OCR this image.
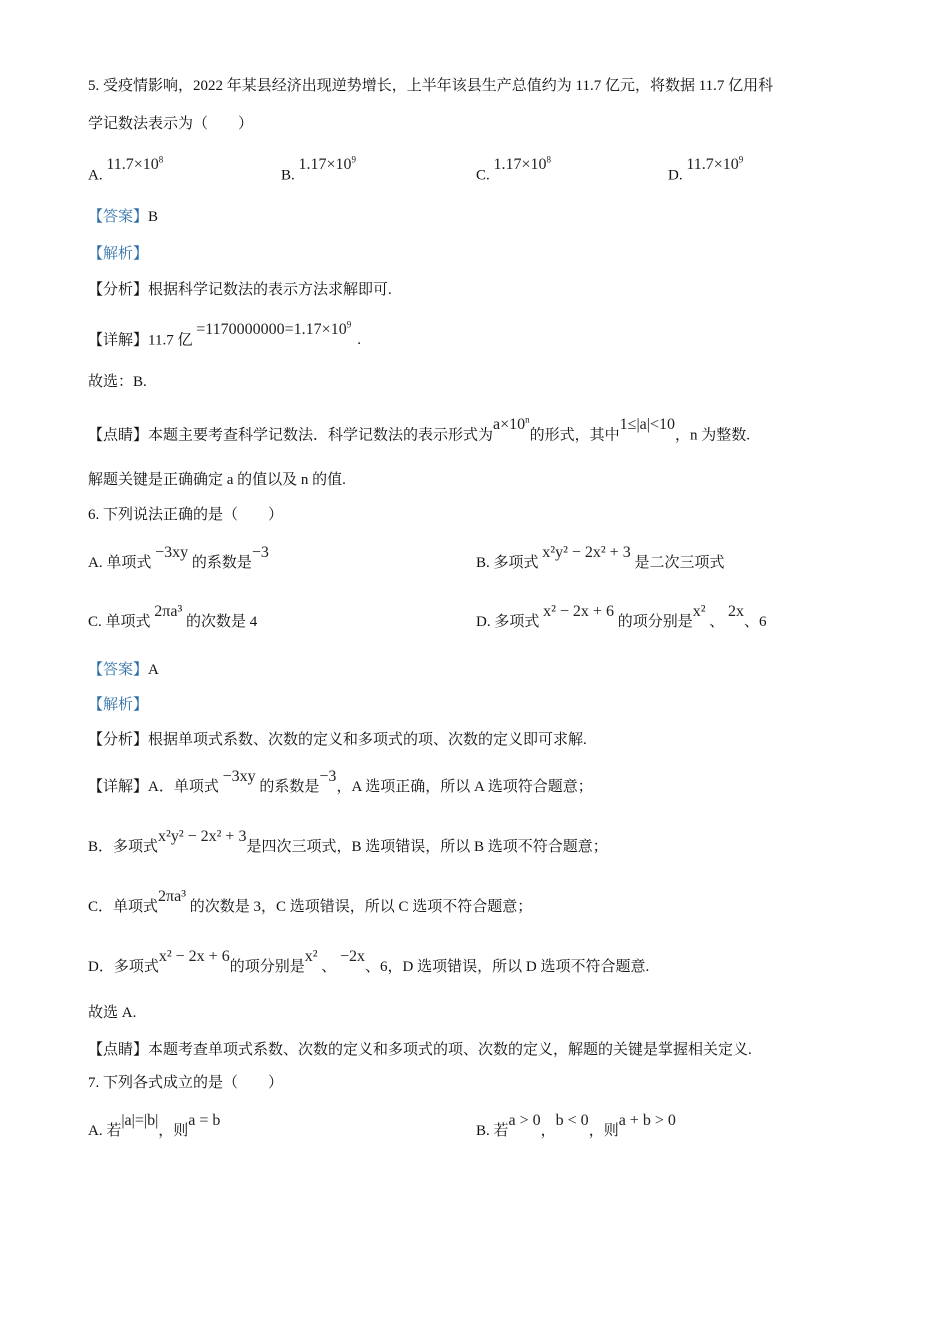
5. 受疫情影响，2022 年某县经济出现逆势增长，上半年该县生产总值约为 11.7 亿元，将数据 11.7 亿用科
学记数法表示为（　　）
A. $11.7\times 10^8$
B. $1.17\times 10^9$
C. $1.17\times 10^8$
D. $11.7\times 10^9$
【答案】B
【解析】
【分析】根据科学记数法的表示方法求解即可.
【详解】11.7 亿 $=1170000000=1.17\times 10^9$.
故选：B.
【点睛】本题主要考查科学记数法．科学记数法的表示形式为$a\times 10^n$的形式，其中1≤|a|<10，n 为整数.
解题关键是正确确定 a 的值以及 n 的值.
6. 下列说法正确的是（　　）
A. 单项式 −3xy 的系数是−3
B. 多项式 x²y² − 2x² + 3 是二次三项式
C. 单项式 2πa³ 的次数是 4	D. 多项式 x² − 2x + 6 的项分别是x² 、 2x、6
【答案】A
【解析】
【分析】根据单项式系数、次数的定义和多项式的项、次数的定义即可求解.
【详解】A．单项式 −3xy 的系数是−3，A 选项正确，所以 A 选项符合题意；
B．多项式x²y² − 2x² + 3是四次三项式，B 选项错误，所以 B 选项不符合题意；
C．单项式2πa³ 的次数是 3，C 选项错误，所以 C 选项不符合题意；
D．多项式x² − 2x + 6的项分别是x² 、 −2x、6，D 选项错误，所以 D 选项不符合题意.
故选 A.
【点睛】本题考查单项式系数、次数的定义和多项式的项、次数的定义，解题的关键是掌握相关定义.
7. 下列各式成立的是（　　）
A. 若|a|=|b|，则a = b
B. 若a > 0，b < 0，则a + b > 0
